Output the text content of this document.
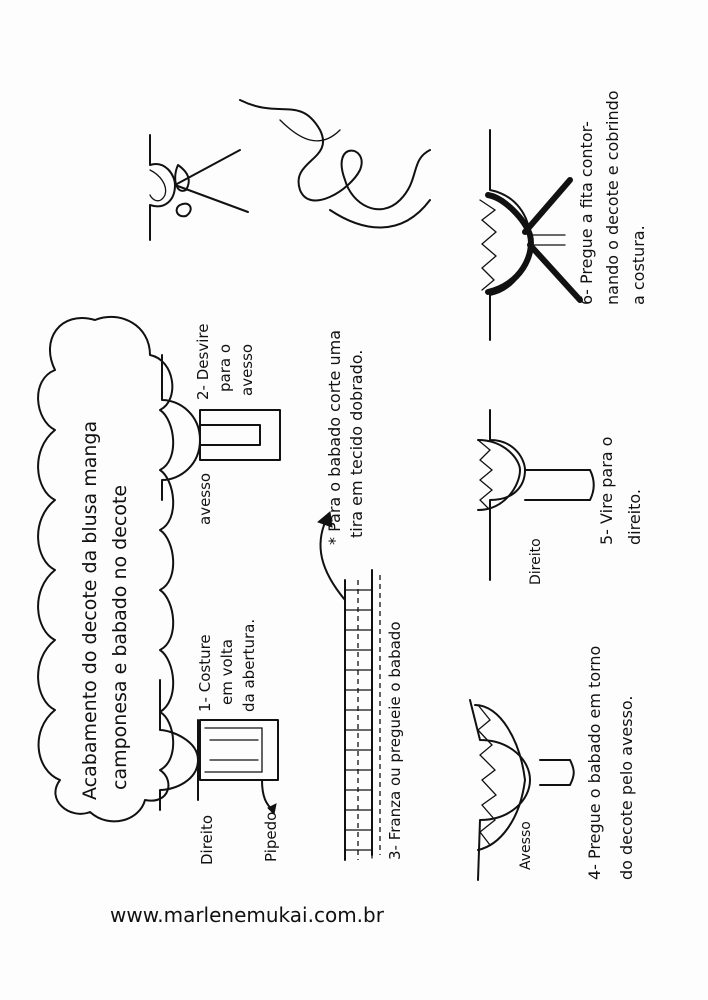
Acabamento do decote da blusa manga camponesa e babado no decote
Direito	Pipedo
1- Costure em volta da abertura.
avesso
2- Desvire para o avesso
3- Franza ou pregueie o babado
* Para o babado corte uma tira em tecido dobrado.
Avesso	4- Pregue o babado em torno do decote pelo avesso.
Direito
5- Vire para o direito.
6- Pregue a fita contor- nando o decote e cobrindo a costura.
www.marlenemukai.com.br
